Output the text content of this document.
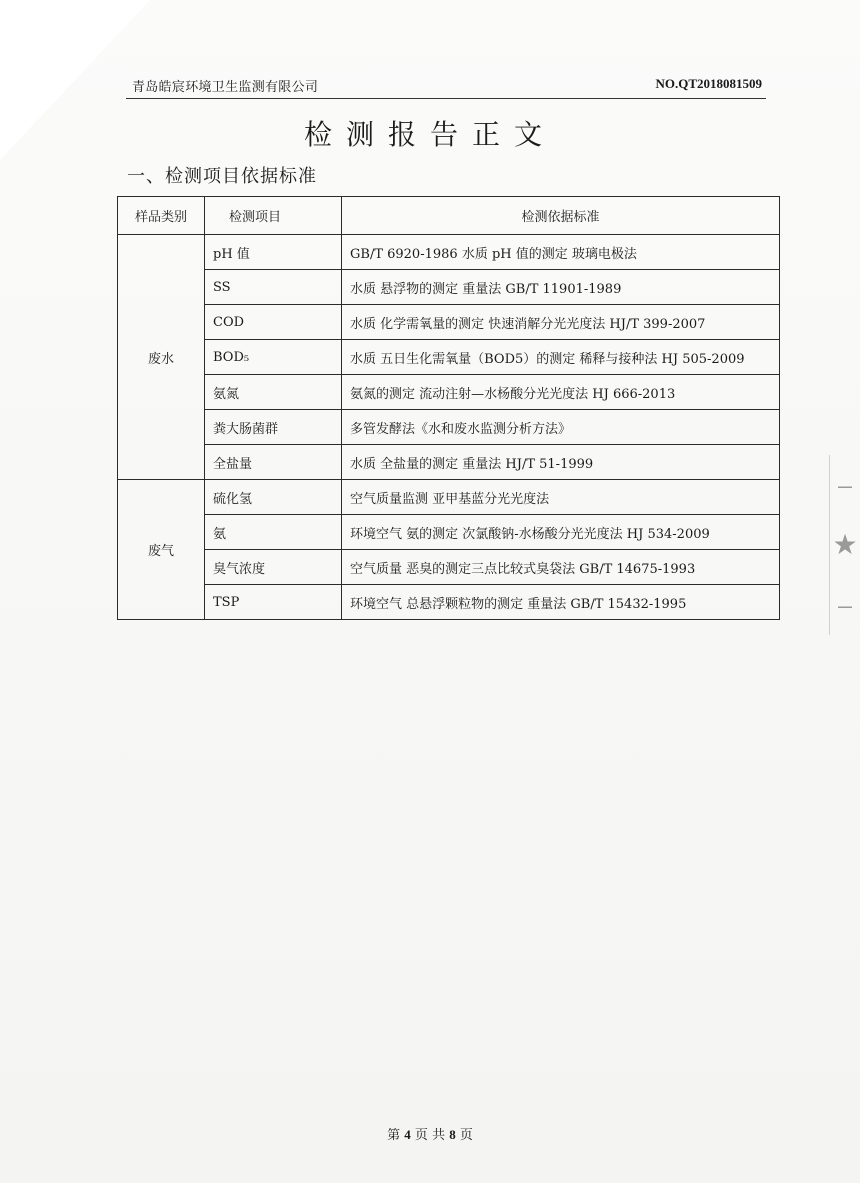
青岛皓宸环境卫生监测有限公司	NO.QT2018081509
检测报告正文
一、检测项目依据标准
样品类别	检测项目	检测依据标准
废水	pH 值	GB/T 6920-1986 水质 pH 值的测定 玻璃电极法
	SS	水质 悬浮物的测定 重量法 GB/T 11901-1989
	COD	水质 化学需氧量的测定 快速消解分光光度法 HJ/T 399-2007
	BOD₅	水质 五日生化需氧量（BOD5）的测定 稀释与接种法 HJ 505-2009
	氨氮	氨氮的测定 流动注射—水杨酸分光光度法 HJ 666-2013
	粪大肠菌群	多管发酵法《水和废水监测分析方法》
	全盐量	水质 全盐量的测定 重量法 HJ/T 51-1999
废气	硫化氢	空气质量监测 亚甲基蓝分光光度法
	氨	环境空气 氨的测定 次氯酸钠-水杨酸分光光度法 HJ 534-2009
	臭气浓度	空气质量 恶臭的测定三点比较式臭袋法 GB/T 14675-1993
	TSP	环境空气 总悬浮颗粒物的测定 重量法 GB/T 15432-1995
⎯
★
⎯
第 4 页 共 8 页
